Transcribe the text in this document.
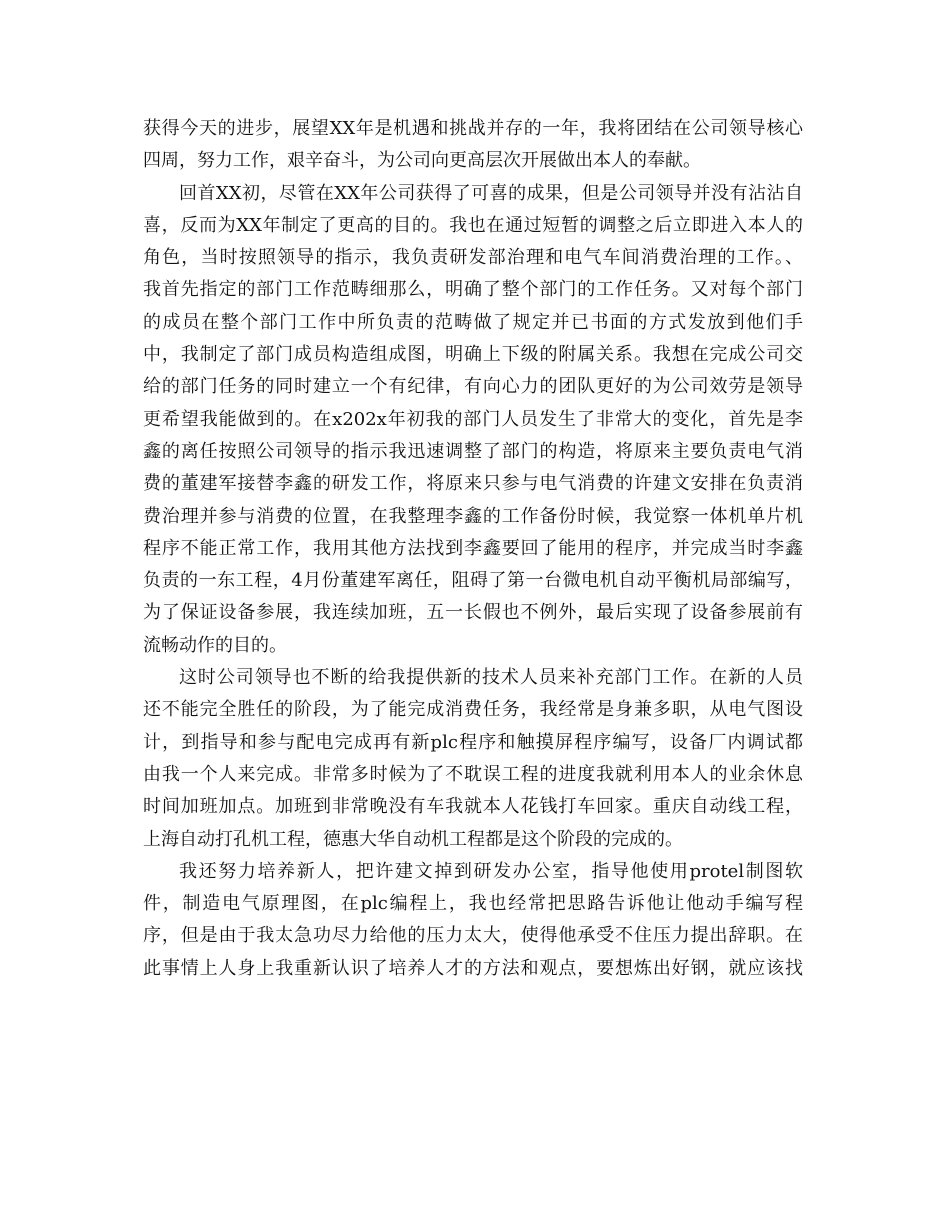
获得今天的进步，展望XX年是机遇和挑战并存的一年，我将团结在公司领导核心
四周，努力工作，艰辛奋斗，为公司向更高层次开展做出本人的奉献。
回首XX初，尽管在XX年公司获得了可喜的成果，但是公司领导并没有沾沾自
喜，反而为XX年制定了更高的目的。我也在通过短暂的调整之后立即进入本人的
角色，当时按照领导的指示，我负责研发部治理和电气车间消费治理的工作。、
我首先指定的部门工作范畴细那么，明确了整个部门的工作任务。又对每个部门
的成员在整个部门工作中所负责的范畴做了规定并已书面的方式发放到他们手
中，我制定了部门成员构造组成图，明确上下级的附属关系。我想在完成公司交
给的部门任务的同时建立一个有纪律，有向心力的团队更好的为公司效劳是领导
更希望我能做到的。在x202x年初我的部门人员发生了非常大的变化，首先是李
鑫的离任按照公司领导的指示我迅速调整了部门的构造，将原来主要负责电气消
费的董建军接替李鑫的研发工作，将原来只参与电气消费的许建文安排在负责消
费治理并参与消费的位置，在我整理李鑫的工作备份时候，我觉察一体机单片机
程序不能正常工作，我用其他方法找到李鑫要回了能用的程序，并完成当时李鑫
负责的一东工程，4月份董建军离任，阻碍了第一台微电机自动平衡机局部编写，
为了保证设备参展，我连续加班，五一长假也不例外，最后实现了设备参展前有
流畅动作的目的。
这时公司领导也不断的给我提供新的技术人员来补充部门工作。在新的人员
还不能完全胜任的阶段，为了能完成消费任务，我经常是身兼多职，从电气图设
计，到指导和参与配电完成再有新plc程序和触摸屏程序编写，设备厂内调试都
由我一个人来完成。非常多时候为了不耽误工程的进度我就利用本人的业余休息
时间加班加点。加班到非常晚没有车我就本人花钱打车回家。重庆自动线工程，
上海自动打孔机工程，德惠大华自动机工程都是这个阶段的完成的。
我还努力培养新人，把许建文掉到研发办公室，指导他使用protel制图软
件，制造电气原理图，在plc编程上，我也经常把思路告诉他让他动手编写程
序，但是由于我太急功尽力给他的压力太大，使得他承受不住压力提出辞职。在
此事情上人身上我重新认识了培养人才的方法和观点，要想炼出好钢，就应该找
